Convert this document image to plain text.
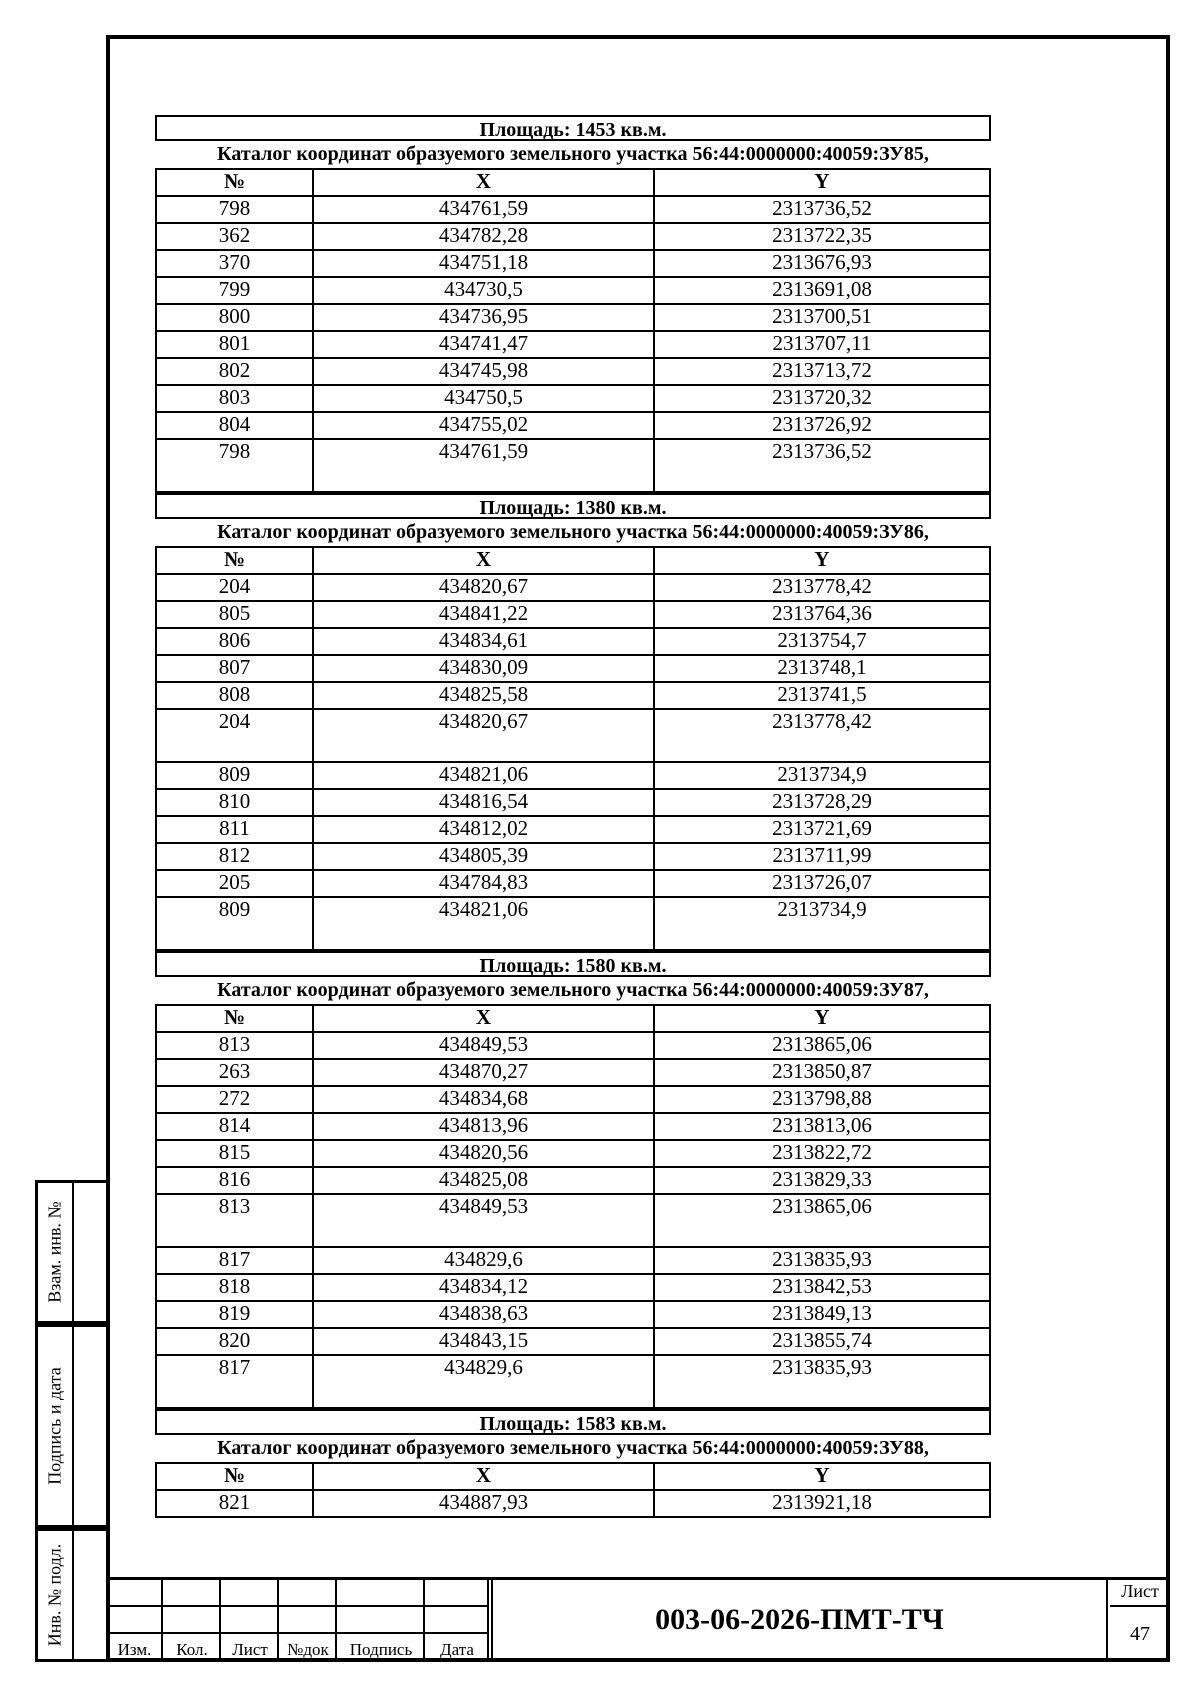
Площадь: 1453 кв.м.
Каталог координат образуемого земельного участка 56:44:0000000:40059:ЗУ85,
№	X	Y
798	434761,59	2313736,52
362	434782,28	2313722,35
370	434751,18	2313676,93
799	434730,5	2313691,08
800	434736,95	2313700,51
801	434741,47	2313707,11
802	434745,98	2313713,72
803	434750,5	2313720,32
804	434755,02	2313726,92
798	434761,59	2313736,52
Площадь: 1380 кв.м.
Каталог координат образуемого земельного участка 56:44:0000000:40059:ЗУ86,
№	X	Y
204	434820,67	2313778,42
805	434841,22	2313764,36
806	434834,61	2313754,7
807	434830,09	2313748,1
808	434825,58	2313741,5
204	434820,67	2313778,42
809	434821,06	2313734,9
810	434816,54	2313728,29
811	434812,02	2313721,69
812	434805,39	2313711,99
205	434784,83	2313726,07
809	434821,06	2313734,9
Площадь: 1580 кв.м.
Каталог координат образуемого земельного участка 56:44:0000000:40059:ЗУ87,
№	X	Y
813	434849,53	2313865,06
263	434870,27	2313850,87
272	434834,68	2313798,88
814	434813,96	2313813,06
815	434820,56	2313822,72
816	434825,08	2313829,33
813	434849,53	2313865,06
817	434829,6	2313835,93
818	434834,12	2313842,53
819	434838,63	2313849,13
820	434843,15	2313855,74
817	434829,6	2313835,93
Площадь: 1583 кв.м.
Каталог координат образуемого земельного участка 56:44:0000000:40059:ЗУ88,
№	X	Y
821	434887,93	2313921,18
Взам. инв. №
Подпись и дата
Инв. № подл.
Изм.	Кол.	Лист	№док	Подпись	Дата
003-06-2026-ПМТ-ТЧ
Лист
47
